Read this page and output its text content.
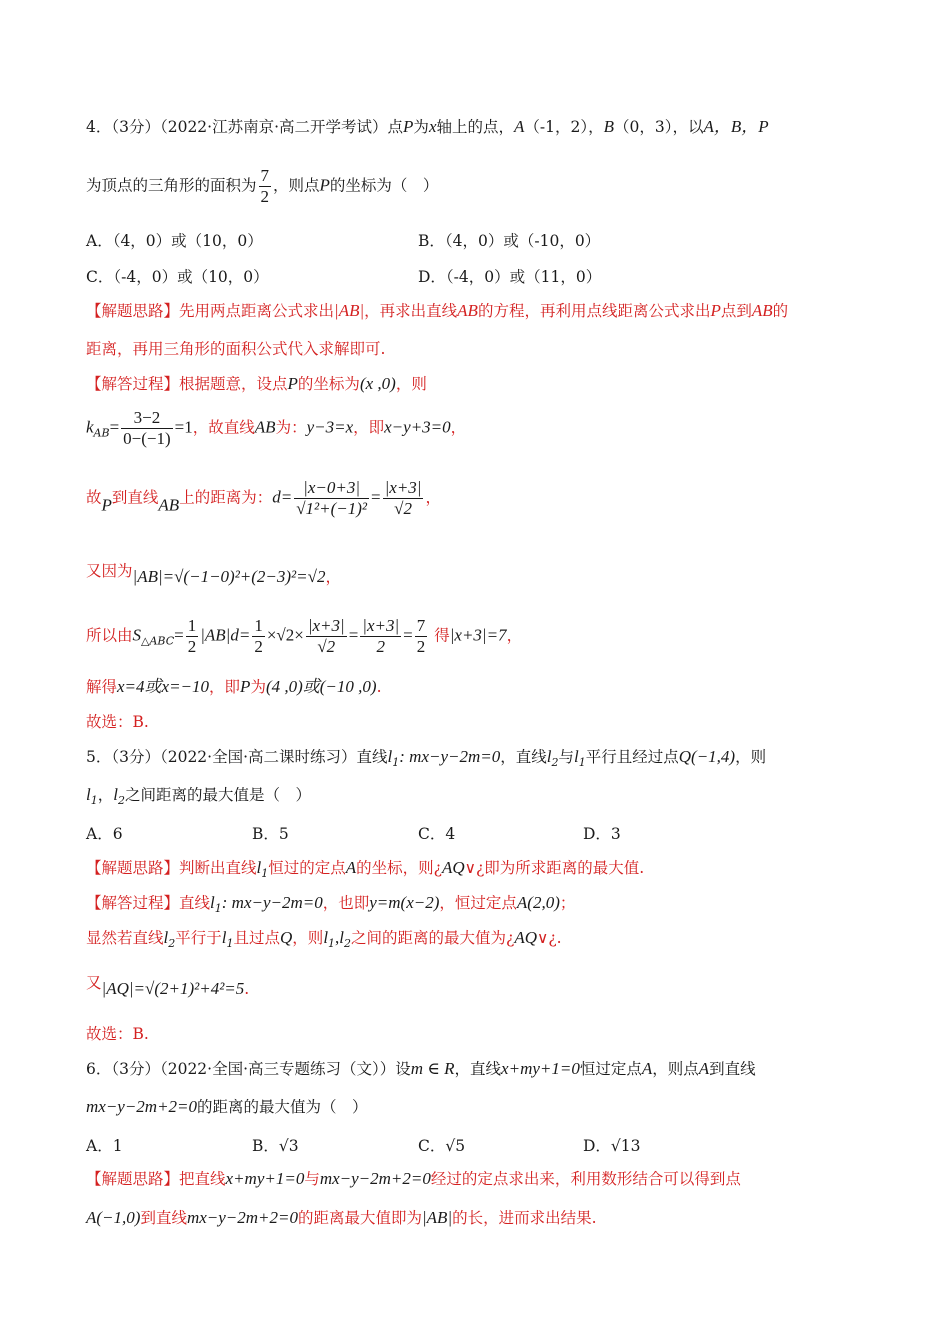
4．（3分）（2022·江苏南京·高二开学考试）点P为x轴上的点，A（-1，2），B（0，3），以A，B，P
为顶点的三角形的面积为 $\frac{7}{2}$ ，则点P的坐标为（　）
A．（4，0）或（10，0）	B．（4，0）或（-10，0）
C．（-4，0）或（10，0）	D．（-4，0）或（11，0）
【解题思路】先用两点距离公式求出|AB|，再求出直线AB的方程，再利用点线距离公式求出P点到AB的
距离，再用三角形的面积公式代入求解即可.
【解答过程】根据题意，设点P的坐标为(x ,0)，则
$k_{AB}= \frac{3-2}{0-(-1)} =1$，故直线AB为：y−3=x，即x−y+3=0，
故P到直线AB上的距离为：$d= \frac{|x-0+3|}{\text{√1²+(−1)²}} = \frac{|x+3|}{√2}$ ，
又因为|AB|=√(−1−0)²+(2−3)²=√2，
所以由$S_{\triangle ABC}= \frac{1}{2} |AB|d= \frac{1}{2} \times√2\times \frac{|x+3|}{√2} = \frac{|x+3|}{2} = \frac{7}{2}$ 得|x+3|=7，
解得x=4或x=−10，即P为(4 ,0)或(−10 ,0).
故选：B.
5．（3分）（2022·全国·高二课时练习）直线$l_1$: mx−y−2m=0，直线$l_2$与$l_1$平行且经过点Q(−1,4)，则
$l_1$，$l_2$之间距离的最大值是（　）
A．6	B．5	C．4	D．3
【解题思路】判断出直线$l_1$恒过的定点A的坐标，则¿AQ∨¿即为所求距离的最大值.
【解答过程】直线$l_1$: mx−y−2m=0，也即y=m(x−2)，恒过定点A(2,0)；
显然若直线$l_2$平行于$l_1$且过点Q，则$l_1,l_2$之间的距离的最大值为¿AQ∨¿.
又|AQ|=√(2+1)²+4²=5.
故选：B.
6．（3分）（2022·全国·高三专题练习（文））设m ∈ R，直线x+my+1=0恒过定点A，则点A到直线
mx−y−2m+2=0的距离的最大值为（　）
A．1	B．√3	C．√5	D．√13
【解题思路】把直线x+my+1=0与mx−y−2m+2=0经过的定点求出来，利用数形结合可以得到点
A(−1,0)到直线mx−y−2m+2=0的距离最大值即为|AB|的长，进而求出结果.
